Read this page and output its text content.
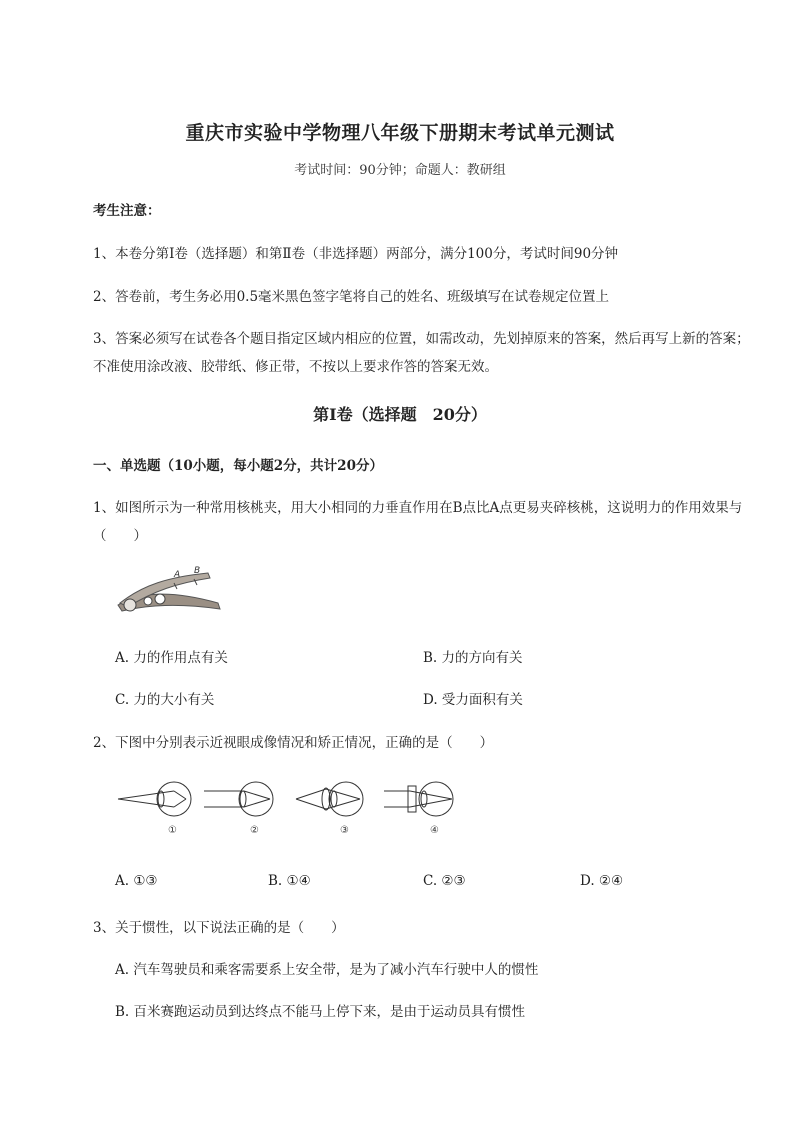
重庆市实验中学物理八年级下册期末考试单元测试
考试时间：90分钟；命题人：教研组
考生注意：
1、本卷分第I卷（选择题）和第Ⅱ卷（非选择题）两部分，满分100分，考试时间90分钟
2、答卷前，考生务必用0.5毫米黑色签字笔将自己的姓名、班级填写在试卷规定位置上
3、答案必须写在试卷各个题目指定区域内相应的位置，如需改动，先划掉原来的答案，然后再写上新的答案；不准使用涂改液、胶带纸、修正带，不按以上要求作答的答案无效。
第I卷（选择题　20分）
一、单选题（10小题，每小题2分，共计20分）
1、如图所示为一种常用核桃夹，用大小相同的力垂直作用在B点比A点更易夹碎核桃，这说明力的作用效果与（　　）
A B
A. 力的作用点有关	B. 力的方向有关
C. 力的大小有关	D. 受力面积有关
2、下图中分别表示近视眼成像情况和矫正情况，正确的是（　　）
①	②	③	④
A. ①③	B. ①④	C. ②③	D. ②④
3、关于惯性，以下说法正确的是（　　）
A. 汽车驾驶员和乘客需要系上安全带，是为了减小汽车行驶中人的惯性
B. 百米赛跑运动员到达终点不能马上停下来，是由于运动员具有惯性
